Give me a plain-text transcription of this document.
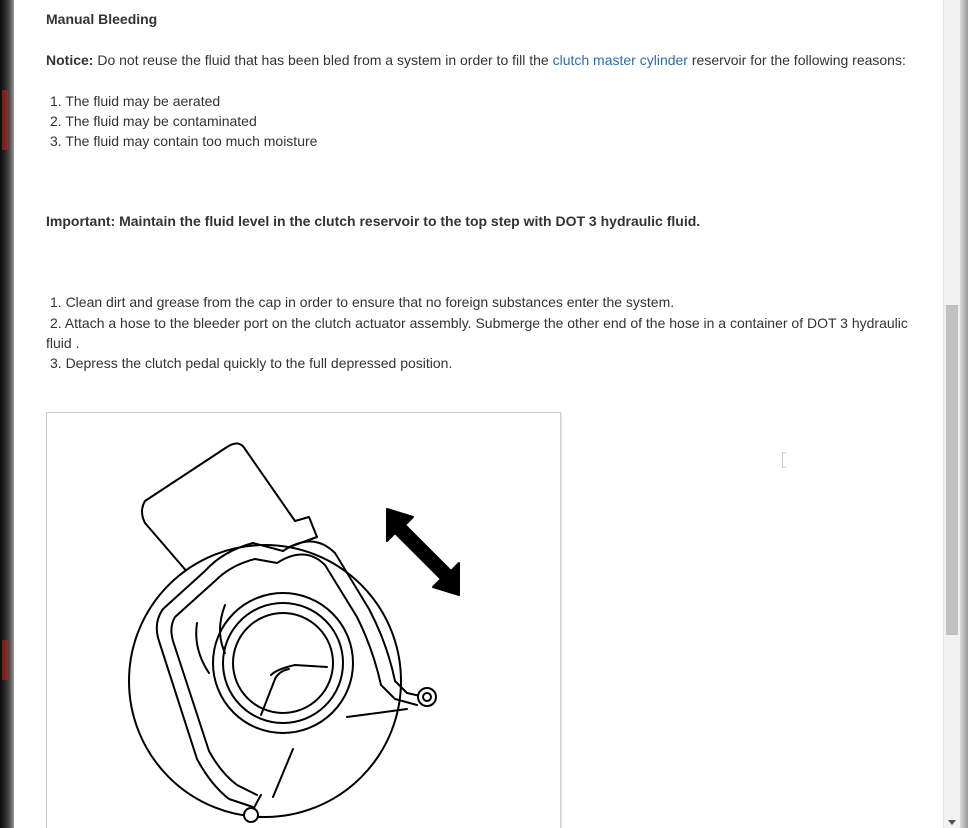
Manual Bleeding
Notice: Do not reuse the fluid that has been bled from a system in order to fill the clutch master cylinder reservoir for the following reasons:
1. The fluid may be aerated
2. The fluid may be contaminated
3. The fluid may contain too much moisture
Important: Maintain the fluid level in the clutch reservoir to the top step with DOT 3 hydraulic fluid.
1. Clean dirt and grease from the cap in order to ensure that no foreign substances enter the system.
2. Attach a hose to the bleeder port on the clutch actuator assembly. Submerge the other end of the hose in a container of DOT 3 hydraulic fluid .
3. Depress the clutch pedal quickly to the full depressed position.
